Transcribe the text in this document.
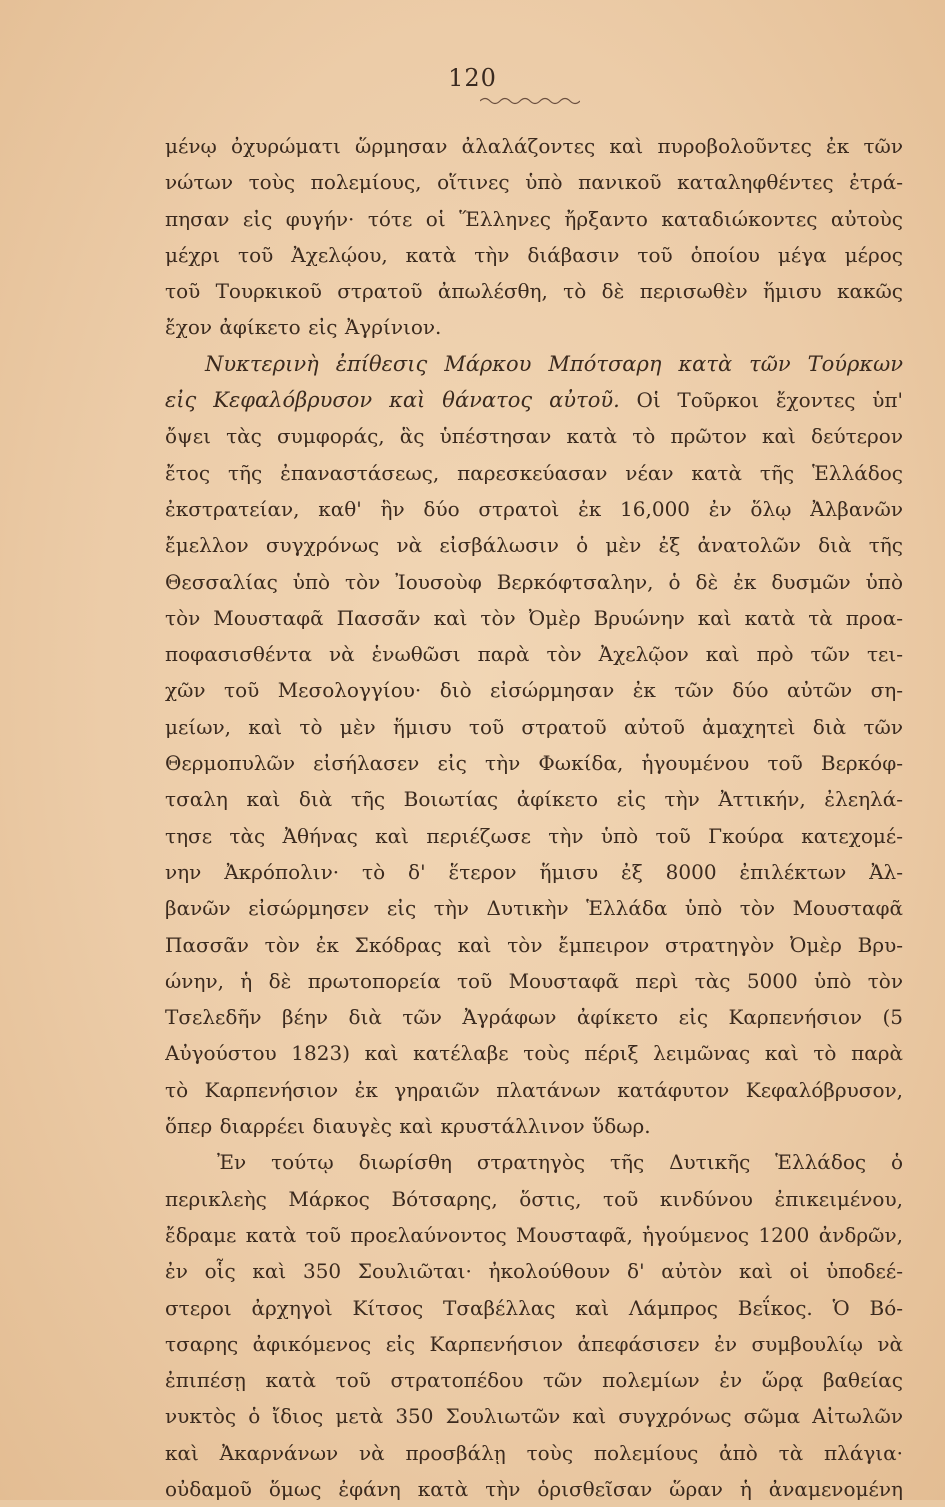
120
μένῳ ὀχυρώματι ὥρμησαν ἀλαλάζοντες καὶ πυροβολοῦντες ἐκ τῶν
νώτων τοὺς πολεμίους, οἵτινες ὑπὸ πανικοῦ καταληφθέντες ἐτρά-
πησαν εἰς φυγήν· τότε οἱ Ἕλληνες ἤρξαντο καταδιώκοντες αὐτοὺς
μέχρι τοῦ Ἀχελῴου, κατὰ τὴν διάβασιν τοῦ ὁποίου μέγα μέρος
τοῦ Τουρκικοῦ στρατοῦ ἀπωλέσθη, τὸ δὲ περισωθὲν ἥμισυ κακῶς
ἔχον ἀφίκετο εἰς Ἀγρίνιον.
Νυκτερινὴ ἐπίθεσις Μάρκου Μπότσαρη κατὰ τῶν Τούρκων
εἰς Κεφαλόβρυσον καὶ θάνατος αὐτοῦ. Οἱ Τοῦρκοι ἔχοντες ὑπ'
ὄψει τὰς συμφοράς, ἃς ὑπέστησαν κατὰ τὸ πρῶτον καὶ δεύτερον
ἔτος τῆς ἐπαναστάσεως, παρεσκεύασαν νέαν κατὰ τῆς Ἑλλάδος
ἐκστρατείαν, καθ' ἣν δύο στρατοὶ ἐκ 16,000 ἐν ὅλῳ Ἀλβανῶν
ἔμελλον συγχρόνως νὰ εἰσβάλωσιν ὁ μὲν ἐξ ἀνατολῶν διὰ τῆς
Θεσσαλίας ὑπὸ τὸν Ἰουσοὺφ Βερκόφτσαλην, ὁ δὲ ἐκ δυσμῶν ὑπὸ
τὸν Μουσταφᾶ Πασσᾶν καὶ τὸν Ὀμὲρ Βρυώνην καὶ κατὰ τὰ προα-
ποφασισθέντα νὰ ἑνωθῶσι παρὰ τὸν Ἀχελῷον καὶ πρὸ τῶν τει-
χῶν τοῦ Μεσολογγίου· διὸ εἰσώρμησαν ἐκ τῶν δύο αὐτῶν ση-
μείων, καὶ τὸ μὲν ἥμισυ τοῦ στρατοῦ αὐτοῦ ἀμαχητεὶ διὰ τῶν
Θερμοπυλῶν εἰσήλασεν εἰς τὴν Φωκίδα, ἡγουμένου τοῦ Βερκόφ-
τσαλη καὶ διὰ τῆς Βοιωτίας ἀφίκετο εἰς τὴν Ἀττικήν, ἐλεηλά-
τησε τὰς Ἀθήνας καὶ περιέζωσε τὴν ὑπὸ τοῦ Γκούρα κατεχομέ-
νην Ἀκρόπολιν· τὸ δ' ἕτερον ἥμισυ ἐξ 8000 ἐπιλέκτων Ἀλ-
βανῶν εἰσώρμησεν εἰς τὴν Δυτικὴν Ἑλλάδα ὑπὸ τὸν Μουσταφᾶ
Πασσᾶν τὸν ἐκ Σκόδρας καὶ τὸν ἔμπειρον στρατηγὸν Ὀμὲρ Βρυ-
ώνην, ἡ δὲ πρωτοπορεία τοῦ Μουσταφᾶ περὶ τὰς 5000 ὑπὸ τὸν
Τσελεδῆν βέην διὰ τῶν Ἀγράφων ἀφίκετο εἰς Καρπενήσιον (5
Αὐγούστου 1823) καὶ κατέλαβε τοὺς πέριξ λειμῶνας καὶ τὸ παρὰ
τὸ Καρπενήσιον ἐκ γηραιῶν πλατάνων κατάφυτον Κεφαλόβρυσον,
ὅπερ διαρρέει διαυγὲς καὶ κρυστάλλινον ὕδωρ.
Ἐν τούτῳ διωρίσθη στρατηγὸς τῆς Δυτικῆς Ἑλλάδος ὁ
περικλεὴς Μάρκος Βότσαρης, ὅστις, τοῦ κινδύνου ἐπικειμένου,
ἔδραμε κατὰ τοῦ προελαύνοντος Μουσταφᾶ, ἡγούμενος 1200 ἀνδρῶν,
ἐν οἷς καὶ 350 Σουλιῶται· ἠκολούθουν δ' αὐτὸν καὶ οἱ ὑποδεέ-
στεροι ἀρχηγοὶ Κίτσος Τσαβέλλας καὶ Λάμπρος Βεΐκος. Ὁ Βό-
τσαρης ἀφικόμενος εἰς Καρπενήσιον ἀπεφάσισεν ἐν συμβουλίῳ νὰ
ἐπιπέσῃ κατὰ τοῦ στρατοπέδου τῶν πολεμίων ἐν ὥρᾳ βαθείας
νυκτὸς ὁ ἴδιος μετὰ 350 Σουλιωτῶν καὶ συγχρόνως σῶμα Αἰτωλῶν
καὶ Ἀκαρνάνων νὰ προσβάλῃ τοὺς πολεμίους ἀπὸ τὰ πλάγια·
οὐδαμοῦ ὅμως ἐφάνη κατὰ τὴν ὁρισθεῖσαν ὥραν ἡ ἀναμενομένη
